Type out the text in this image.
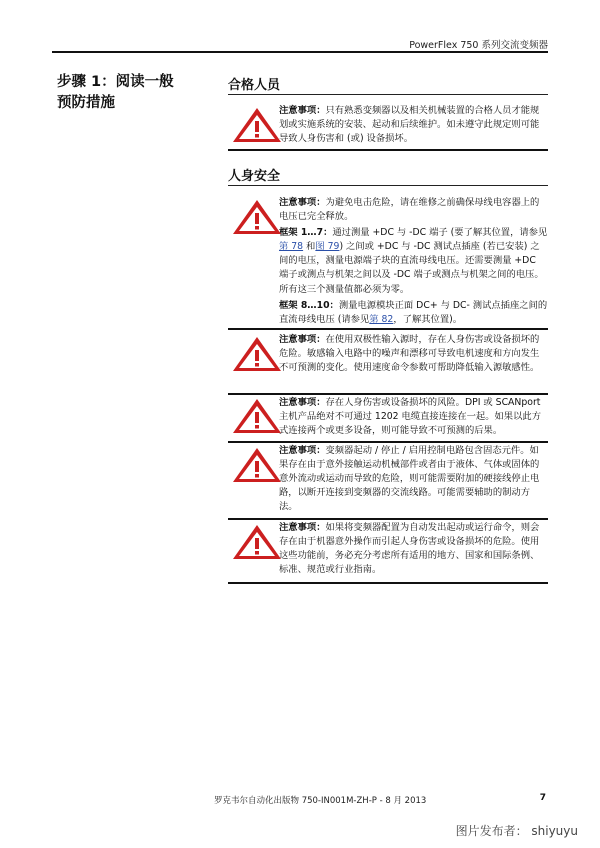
PowerFlex 750 系列交流变频器
步骤 1：阅读一般
预防措施
合格人员

注意事项：只有熟悉变频器以及相关机械装置的合格人员才能规划或实施系统的安装、起动和后续维护。如未遵守此规定则可能导致人身伤害和 (或) 设备损坏。

人身安全

注意事项：为避免电击危险，请在维修之前确保母线电容器上的电压已完全释放。

框架 1…7：通过测量 +DC 与 -DC 端子 (要了解其位置，请参见第 78 和图 79) 之间或 +DC 与 -DC 测试点插座 (若已安装) 之间的电压，测量电源端子块的直流母线电压。还需要测量 +DC 端子或测点与机架之间以及 -DC 端子或测点与机架之间的电压。所有这三个测量值都必须为零。

框架 8…10：测量电源模块正面 DC+ 与 DC- 测试点插座之间的直流母线电压 (请参见第 82，了解其位置)。

注意事项：在使用双极性输入源时，存在人身伤害或设备损坏的危险。敏感输入电路中的噪声和漂移可导致电机速度和方向发生不可预测的变化。使用速度命令参数可帮助降低输入源敏感性。

注意事项：存在人身伤害或设备损坏的风险。DPI 或 SCANport 主机产品绝对不可通过 1202 电缆直接连接在一起。如果以此方式连接两个或更多设备，则可能导致不可预测的后果。

注意事项：变频器起动 / 停止 / 启用控制电路包含固态元件。如果存在由于意外接触运动机械部件或者由于液体、气体或固体的意外流动或运动而导致的危险，则可能需要附加的硬接线停止电路，以断开连接到变频器的交流线路。可能需要辅助的制动方法。

注意事项：如果将变频器配置为自动发出起动或运行命令，则会存在由于机器意外操作而引起人身伤害或设备损坏的危险。使用这些功能前，务必充分考虑所有适用的地方、国家和国际条例、标准、规范或行业指南。

罗克韦尔自动化出版物 750-IN001M-ZH-P - 8 月 2013	7
图片发布者： shiyuyu
